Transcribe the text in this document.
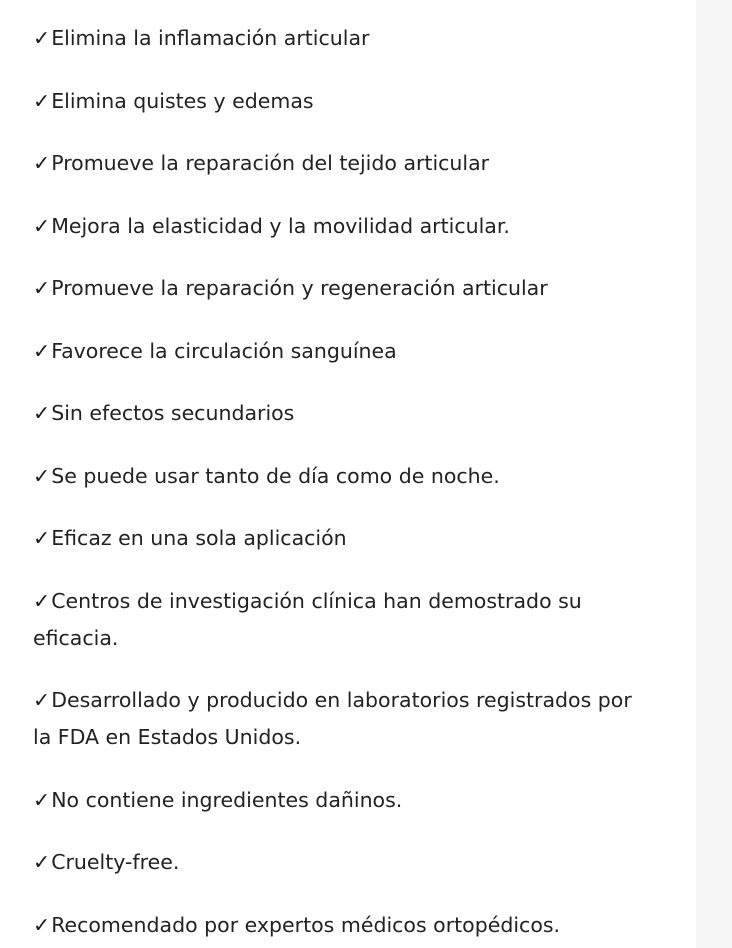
✓Elimina la inflamación articular
✓Elimina quistes y edemas
✓Promueve la reparación del tejido articular
✓Mejora la elasticidad y la movilidad articular.
✓Promueve la reparación y regeneración articular
✓Favorece la circulación sanguínea
✓Sin efectos secundarios
✓Se puede usar tanto de día como de noche.
✓Eficaz en una sola aplicación
✓Centros de investigación clínica han demostrado su eficacia.
✓Desarrollado y producido en laboratorios registrados por la FDA en Estados Unidos.
✓No contiene ingredientes dañinos.
✓Cruelty-free.
✓Recomendado por expertos médicos ortopédicos.
